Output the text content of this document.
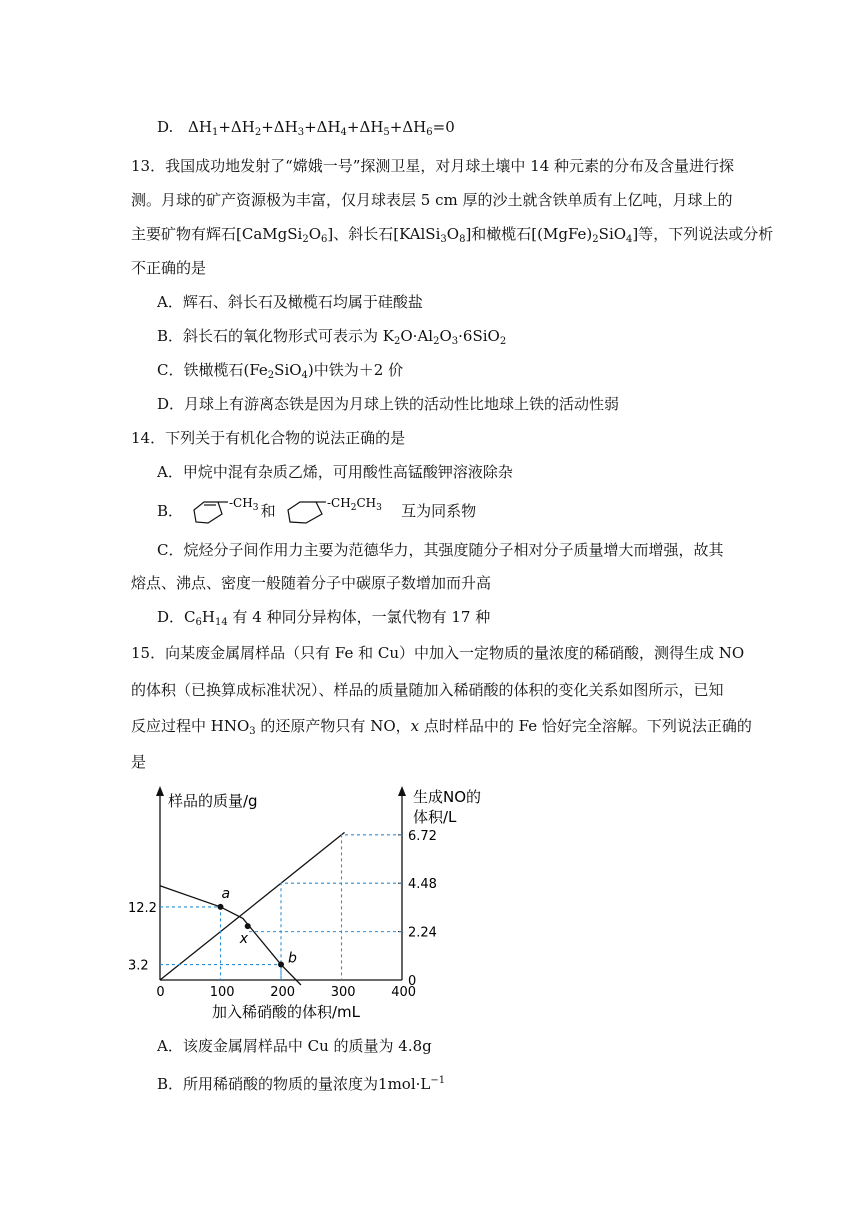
D. $\Delta H_1+\Delta H_2+\Delta H_3+\Delta H_4+\Delta H_5+\Delta H_6=0$
13．我国成功地发射了“嫦娥一号”探测卫星，对月球土壤中 14 种元素的分布及含量进行探
测。月球的矿产资源极为丰富，仅月球表层 5 cm 厚的沙土就含铁单质有上亿吨，月球上的
主要矿物有辉石$[CaMgSi_2O_6]$、斜长石$[KAlSi_3O_8]$和橄榄石$[(MgFe)_2SiO_4]$等，下列说法或分析
不正确的是
A．辉石、斜长石及橄榄石均属于硅酸盐
B．斜长石的氧化物形式可表示为 $K_2O\cdot Al_2O_3\cdot 6SiO_2$
C．铁橄榄石$(Fe_2SiO_4)$中铁为＋2 价
D．月球上有游离态铁是因为月球上铁的活动性比地球上铁的活动性弱
14．下列关于有机化合物的说法正确的是
A．甲烷中混有杂质乙烯，可用酸性高锰酸钾溶液除杂
B．	$-CH_3$ 和	$-CH_2CH_3$ 互为同系物
C．烷烃分子间作用力主要为范德华力，其强度随分子相对分子质量增大而增强，故其
熔点、沸点、密度一般随着分子中碳原子数增加而升高
D．$C_6H_{14}$ 有 4 种同分异构体，一氯代物有 17 种
15．向某废金属屑样品（只有 Fe 和 Cu）中加入一定物质的量浓度的稀硝酸，测得生成 NO
的体积（已换算成标准状况）、样品的质量随加入稀硝酸的体积的变化关系如图所示，已知
反应过程中 $HNO_3$ 的还原产物只有 NO，x 点时样品中的 Fe 恰好完全溶解。下列说法正确的
是
样品的质量/g	生成NO的
体积/L
加入稀硝酸的体积/mL
0	100	200	300	400
12.2
3.2
6.72
4.48
2.24
0
a
x
b
A．该废金属屑样品中 Cu 的质量为 4.8g
B．所用稀硝酸的物质的量浓度为$1mol\cdot L^{-1}$
